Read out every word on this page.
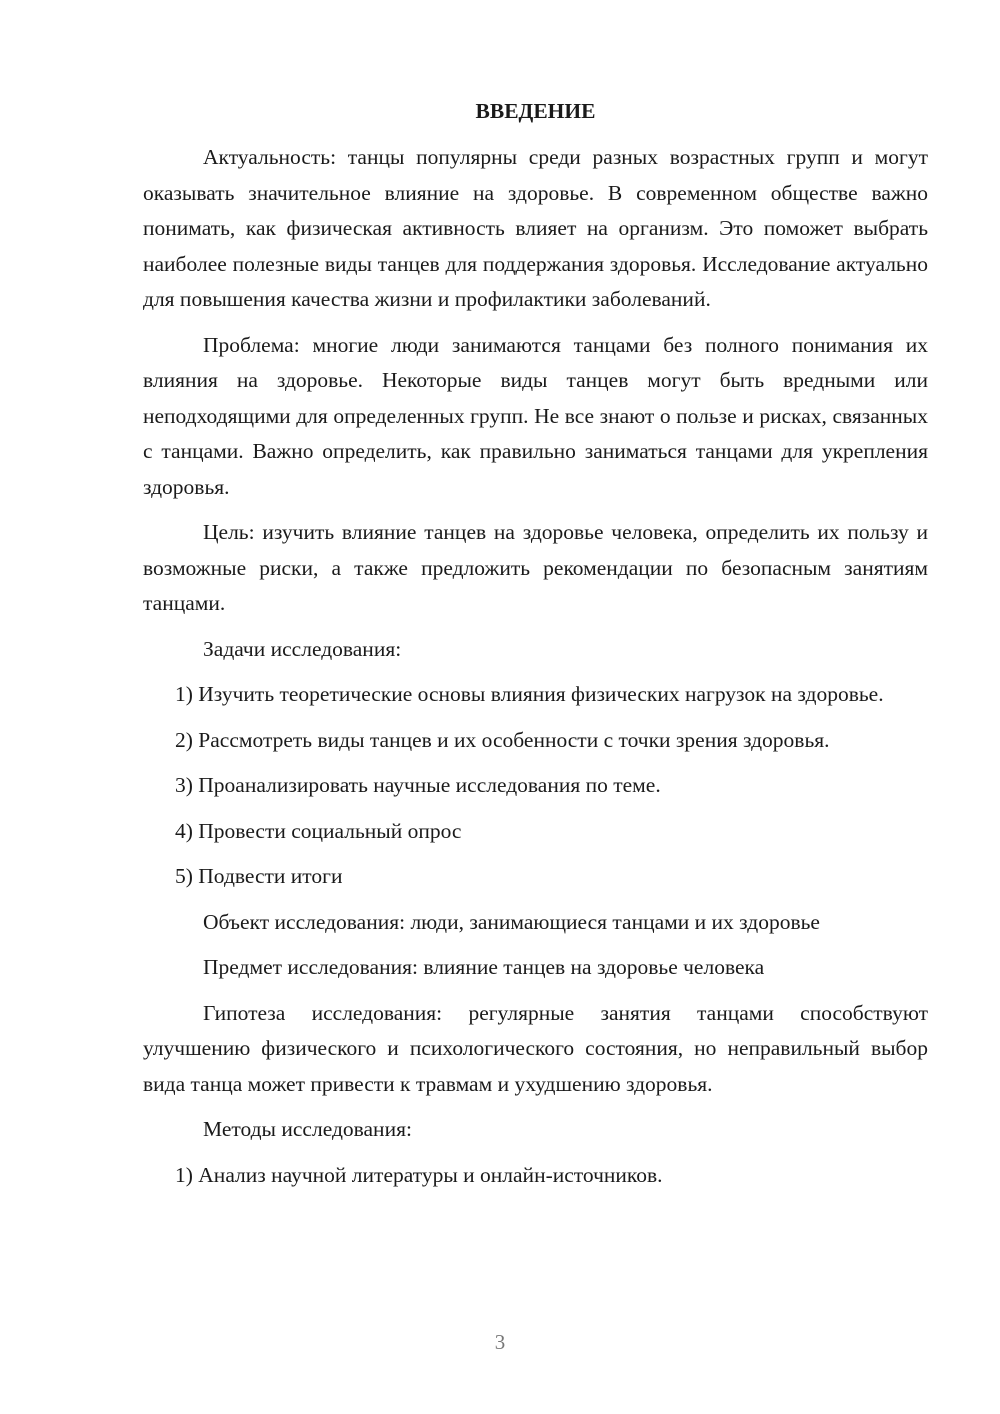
ВВЕДЕНИЕ

Актуальность: танцы популярны среди разных возрастных групп и могут оказывать значительное влияние на здоровье. В современном обществе важно понимать, как физическая активность влияет на организм. Это поможет выбрать наиболее полезные виды танцев для поддержания здоровья. Исследование актуально для повышения качества жизни и профилактики заболеваний.

Проблема: многие люди занимаются танцами без полного понимания их влияния на здоровье. Некоторые виды танцев могут быть вредными или неподходящими для определенных групп. Не все знают о пользе и рисках, связанных с танцами. Важно определить, как правильно заниматься танцами для укрепления здоровья.

Цель: изучить влияние танцев на здоровье человека, определить их пользу и возможные риски, а также предложить рекомендации по безопасным занятиям танцами.

Задачи исследования:

1) Изучить теоретические основы влияния физических нагрузок на здоровье.

2) Рассмотреть виды танцев и их особенности с точки зрения здоровья.

3) Проанализировать научные исследования по теме.

4) Провести социальный опрос

5) Подвести итоги

Объект исследования: люди, занимающиеся танцами и их здоровье

Предмет исследования: влияние танцев на здоровье человека

Гипотеза исследования: регулярные занятия танцами способствуют улучшению физического и психологического состояния, но неправильный выбор вида танца может привести к травмам и ухудшению здоровья.

Методы исследования:

1) Анализ научной литературы и онлайн-источников.

3
